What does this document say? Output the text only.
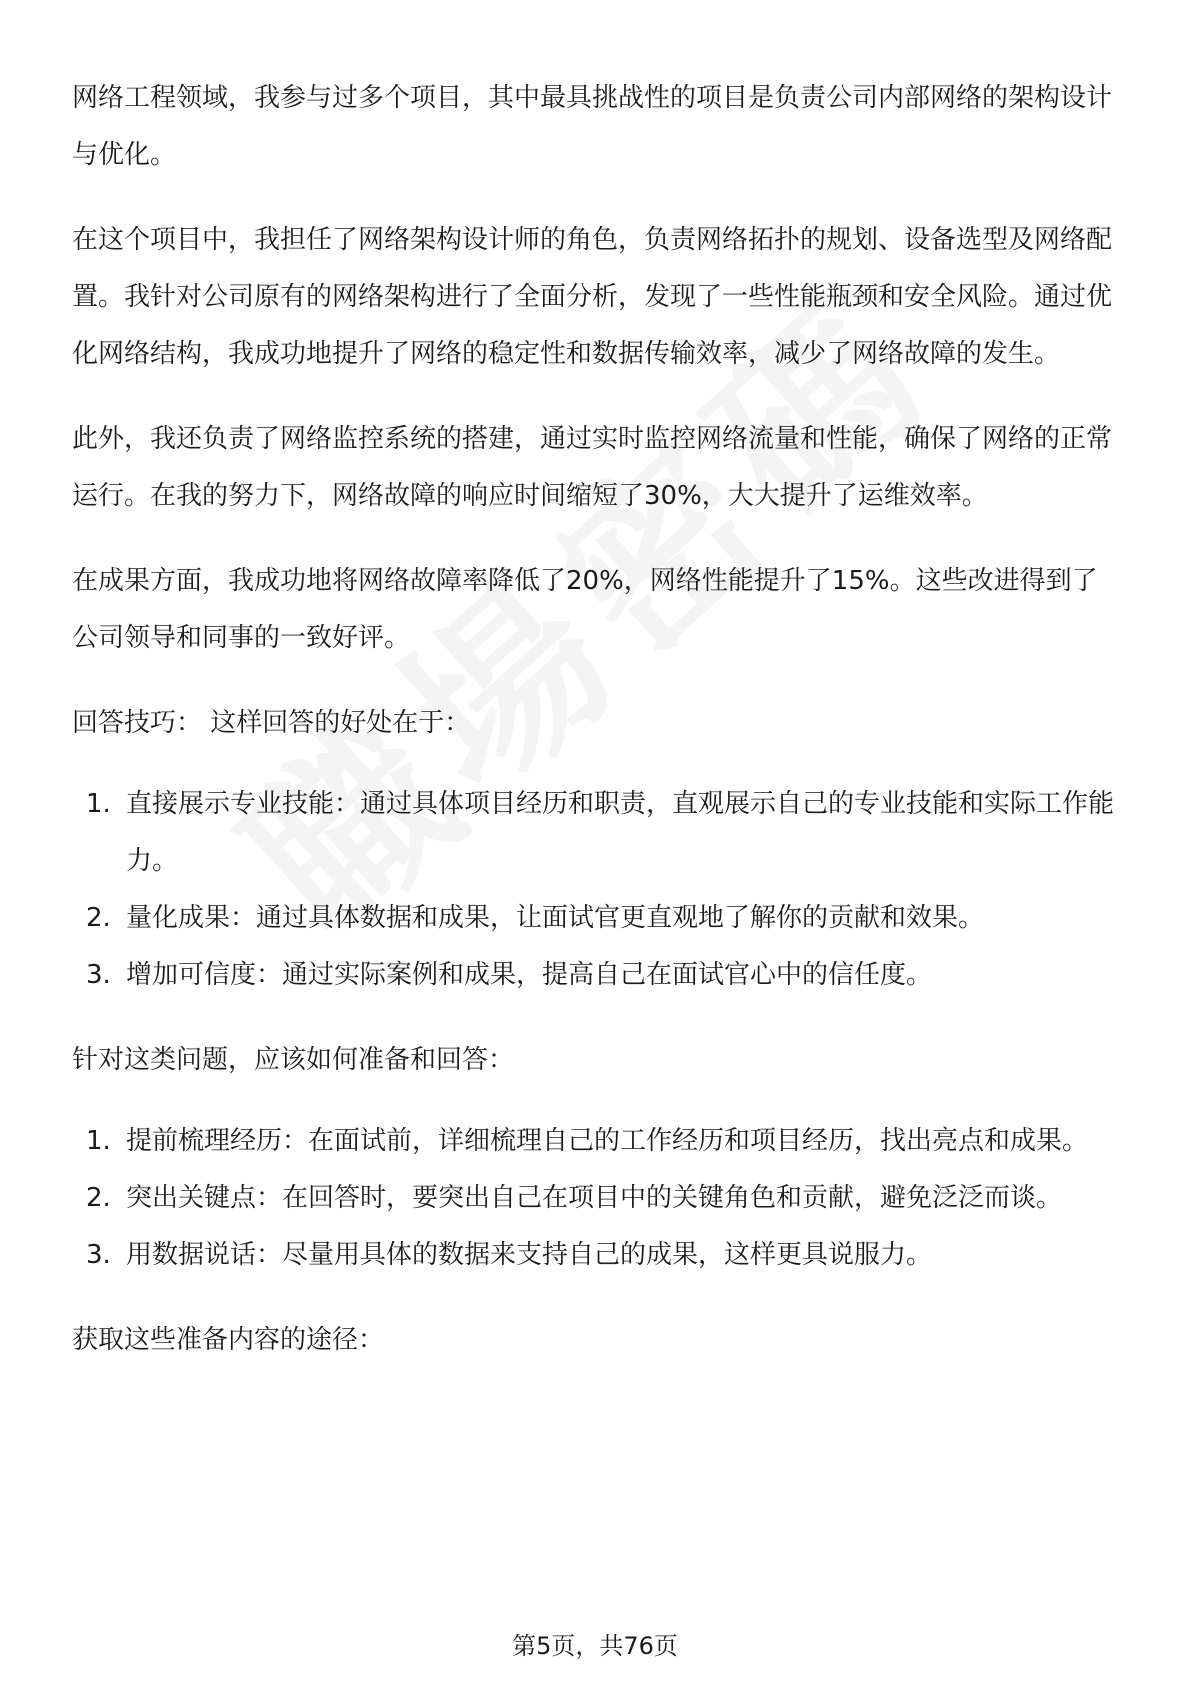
网络工程领域，我参与过多个项目，其中最具挑战性的项目是负责公司内部网络的架构设计与优化。

在这个项目中，我担任了网络架构设计师的角色，负责网络拓扑的规划、设备选型及网络配置。我针对公司原有的网络架构进行了全面分析，发现了一些性能瓶颈和安全风险。通过优化网络结构，我成功地提升了网络的稳定性和数据传输效率，减少了网络故障的发生。

此外，我还负责了网络监控系统的搭建，通过实时监控网络流量和性能，确保了网络的正常运行。在我的努力下，网络故障的响应时间缩短了30%，大大提升了运维效率。

在成果方面，我成功地将网络故障率降低了20%，网络性能提升了15%。这些改进得到了公司领导和同事的一致好评。

回答技巧： 这样回答的好处在于：

1. 直接展示专业技能：通过具体项目经历和职责，直观展示自己的专业技能和实际工作能力。
2. 量化成果：通过具体数据和成果，让面试官更直观地了解你的贡献和效果。
3. 增加可信度：通过实际案例和成果，提高自己在面试官心中的信任度。

针对这类问题，应该如何准备和回答：

1. 提前梳理经历：在面试前，详细梳理自己的工作经历和项目经历，找出亮点和成果。
2. 突出关键点：在回答时，要突出自己在项目中的关键角色和贡献，避免泛泛而谈。
3. 用数据说话：尽量用具体的数据来支持自己的成果，这样更具说服力。

获取这些准备内容的途径：

第5页，共76页
